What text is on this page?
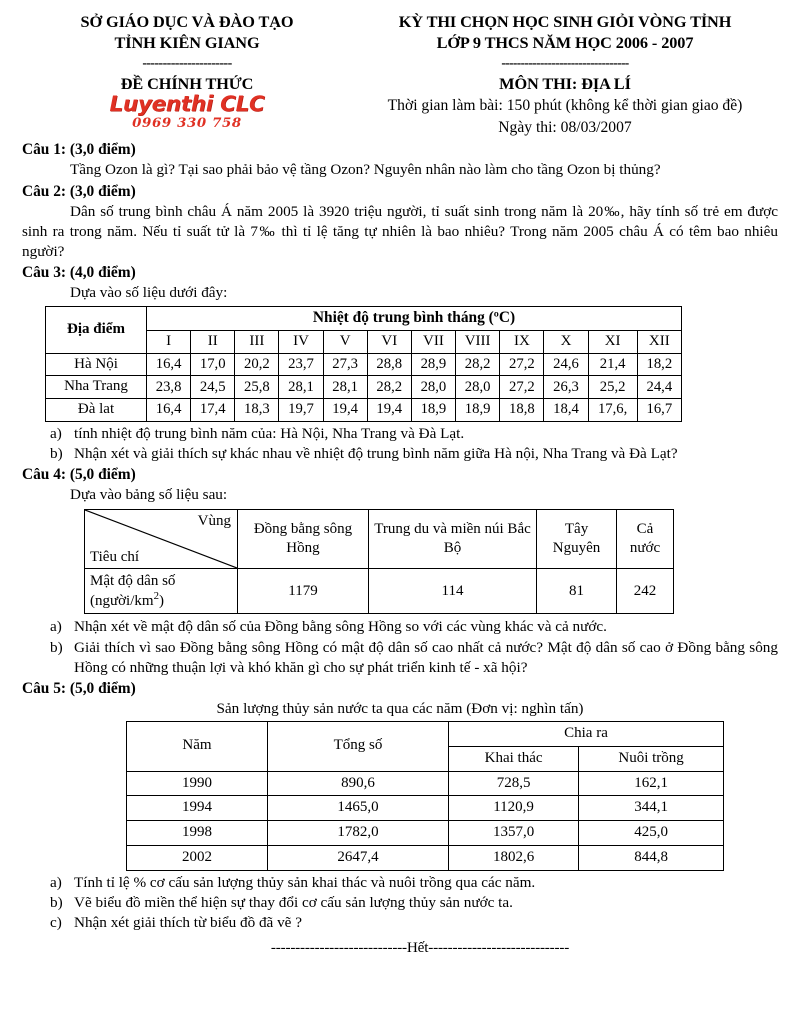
SỞ GIÁO DỤC VÀ ĐÀO TẠO
TỈNH KIÊN GIANG
----------------------
ĐỀ CHÍNH THỨC
Luyenthi CLC
0969 330 758
KỲ THI CHỌN HỌC SINH GIỎI VÒNG TỈNH
LỚP 9 THCS NĂM HỌC 2006 - 2007
---------------------------------
MÔN THI: ĐỊA LÍ
Thời gian làm bài: 150 phút (không kể thời gian giao đề)
Ngày thi: 08/03/2007
Câu 1: (3,0 điểm)

Tầng Ozon là gì? Tại sao phải bảo vệ tầng Ozon? Nguyên nhân nào làm cho tầng Ozon bị thủng?

Câu 2: (3,0 điểm)

Dân số trung bình châu Á năm 2005 là 3920 triệu người, tỉ suất sinh trong năm là 20‰, hãy tính số trẻ em được sinh ra trong năm. Nếu tỉ suất tử là 7‰ thì tỉ lệ tăng tự nhiên là bao nhiêu? Trong năm 2005 châu Á có têm bao nhiêu người?

Câu 3: (4,0 điểm)

Dựa vào số liệu dưới đây:

Địa điểm	Nhiệt độ trung bình tháng (ºC)											
	I	II	III	IV	V	VI	VII	VIII	IX	X	XI	XII
Hà Nội	16,4	17,0	20,2	23,7	27,3	28,8	28,9	28,2	27,2	24,6	21,4	18,2
Nha Trang	23,8	24,5	25,8	28,1	28,1	28,2	28,0	28,0	27,2	26,3	25,2	24,4
Đà lat	16,4	17,4	18,3	19,7	19,4	19,4	18,9	18,9	18,8	18,4	17,6,	16,7
a) tính nhiệt độ trung bình năm của: Hà Nội, Nha Trang và Đà Lạt.
b) Nhận xét và giải thích sự khác nhau về nhiệt độ trung bình năm giữa Hà nội, Nha Trang và Đà Lạt?
Câu 4: (5,0 điểm)

Dựa vào bảng số liệu sau:

Vùng
Tiêu chí	Đồng bằng sông Hồng	Trung du và miền núi Bắc Bộ	Tây Nguyên	Cả nước
Mật độ dân số
$(người/km^2)$	1179	114	81	242
a) Nhận xét về mật độ dân số của Đồng bằng sông Hồng so với các vùng khác và cả nước.
b) Giải thích vì sao Đồng bằng sông Hồng có mật độ dân số cao nhất cả nước? Mật độ dân số cao ở Đồng bằng sông Hồng có những thuận lợi và khó khăn gì cho sự phát triển kinh tế - xã hội?
Câu 5: (5,0 điểm)

Sản lượng thủy sản nước ta qua các năm (Đơn vị: nghìn tấn)

Năm	Tổng số	Chia ra	
		Khai thác	Nuôi trồng
1990	890,6	728,5	162,1
1994	1465,0	1120,9	344,1
1998	1782,0	1357,0	425,0
2002	2647,4	1802,6	844,8
a) Tính tỉ lệ % cơ cấu sản lượng thủy sản khai thác và nuôi trồng qua các năm.
b) Vẽ biểu đồ miền thể hiện sự thay đổi cơ cấu sản lượng thủy sản nước ta.
c) Nhận xét giải thích từ biểu đồ đã vẽ ?
----------------------------Hết-----------------------------
